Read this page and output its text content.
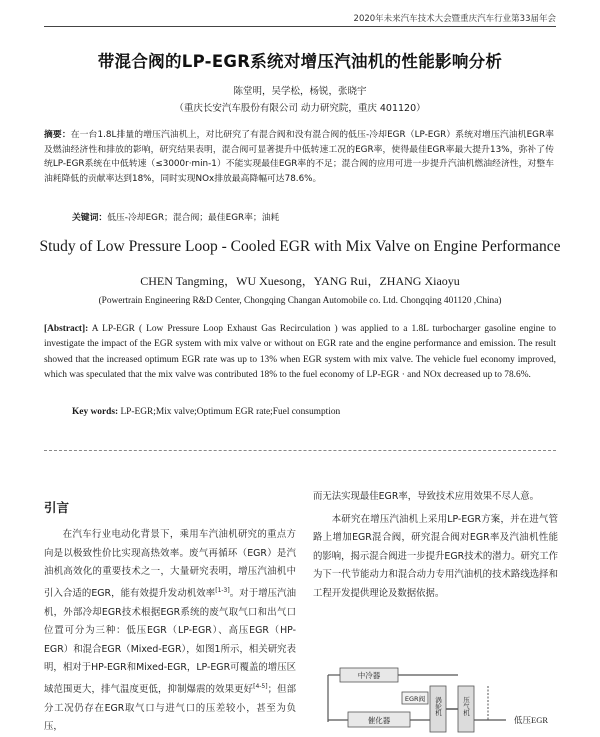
2020年未来汽车技术大会暨重庆汽车行业第33届年会
带混合阀的LP-EGR系统对增压汽油机的性能影响分析
陈堂明，吴学松，杨锐，张晓宇
（重庆长安汽车股份有限公司 动力研究院，重庆 401120）
摘要：在一台1.8L排量的增压汽油机上，对比研究了有混合阀和没有混合阀的低压-冷却EGR（LP-EGR）系统对增压汽油机EGR率及燃油经济性和排放的影响，研究结果表明，混合阀可显著提升中低转速工况的EGR率，使得最佳EGR率最大提升13%，弥补了传统LP-EGR系统在中低转速（≤3000r·min-1）不能实现最佳EGR率的不足；混合阀的应用可进一步提升汽油机燃油经济性，对整车油耗降低的贡献率达到18%，同时实现NOx排放最高降幅可达78.6%。
关键词：低压-冷却EGR；混合阀；最佳EGR率；油耗
Study of Low Pressure Loop - Cooled EGR with Mix Valve on Engine Performance
CHEN Tangming，WU Xuesong，YANG Rui，ZHANG Xiaoyu
(Powertrain Engineering R&D Center, Chongqing Changan Automobile co. Ltd. Chongqing 401120 ,China)
[Abstract]: A LP-EGR ( Low Pressure Loop Exhaust Gas Recirculation ) was applied to a 1.8L turbocharger gasoline engine to investigate the impact of the EGR system with mix valve or without on EGR rate and the engine performance and emission. The result showed that the increased optimum EGR rate was up to 13% when EGR system with mix valve. The vehicle fuel economy improved, which was speculated that the mix valve was contributed 18% to the fuel economy of LP-EGR · and NOx decreased up to 78.6%.
Key words: LP-EGR;Mix valve;Optimum EGR rate;Fuel consumption
引言

在汽车行业电动化背景下，乘用车汽油机研究的重点方向是以极致性价比实现高热效率。废气再循环（EGR）是汽油机高效化的重要技术之一，大量研究表明，增压汽油机中引入合适的EGR，能有效提升发动机效率[1-3]。对于增压汽油机，外部冷却EGR技术根据EGR系统的废气取气口和出气口位置可分为三种：低压EGR（LP-EGR）、高压EGR（HP-EGR）和混合EGR（Mixed-EGR），如图1所示，相关研究表明，相对于HP-EGR和Mixed-EGR，LP-EGR可覆盖的增压区域范围更大，排气温度更低，抑制爆震的效果更好[4-5]；但部分工况仍存在EGR取气口与进气口的压差较小，甚至为负压，

而无法实现最佳EGR率，导致技术应用效果不尽人意。

本研究在增压汽油机上采用LP-EGR方案，并在进气管路上增加EGR混合阀，研究混合阀对EGR率及汽油机性能的影响，揭示混合阀进一步提升EGR技术的潜力。研究工作为下一代节能动力和混合动力专用汽油机的技术路线选择和工程开发提供理论及数据依据。

中冷器
EGR阀 涡轮机	压气机
催化器	低压EGR
